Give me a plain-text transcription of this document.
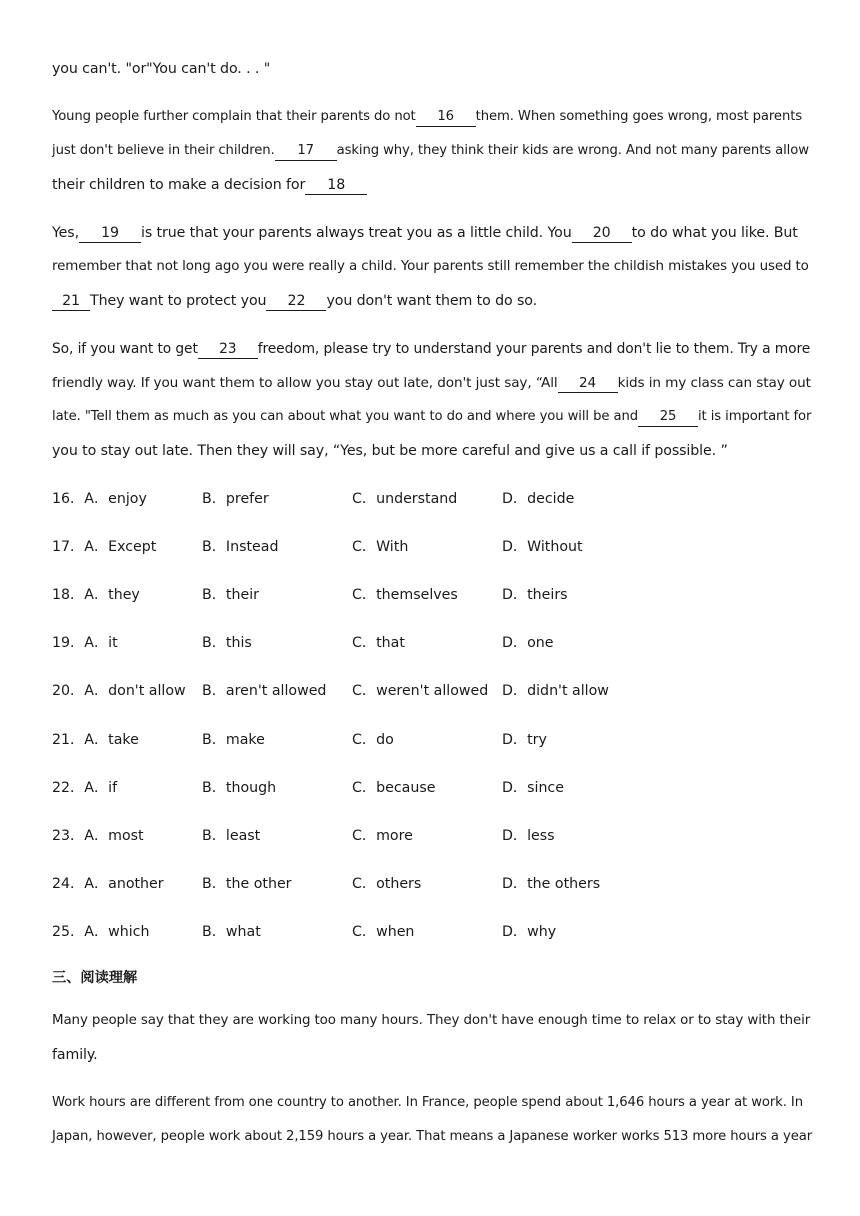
you can't. "or"You can't do. . . "
Young people further complain that their parents do not 16 them. When something goes wrong, most parents
just don't believe in their children. 17 asking why, they think their kids are wrong. And not many parents allow
their children to make a decision for 18
Yes, 19 is true that your parents always treat you as a little child. You 20 to do what you like. But
remember that not long ago you were really a child. Your parents still remember the childish mistakes you used to
21 They want to protect you 22 you don't want them to do so.
So, if you want to get 23 freedom, please try to understand your parents and don't lie to them. Try a more
friendly way. If you want them to allow you stay out late, don't just say, “All 24 kids in my class can stay out
late. "Tell them as much as you can about what you want to do and where you will be and 25 it is important for
you to stay out late. Then they will say, “Yes, but be more careful and give us a call if possible. ”
16．A．enjoy	B．prefer	C．understand	D．decide
17．A．Except	B．Instead	C．With	D．Without
18．A．they	B．their	C．themselves	D．theirs
19．A．it	B．this	C．that	D．one
20．A．don't allow B．aren't allowed C．weren't allowed D．didn't allow
21．A．take	B．make	C．do	D．try
22．A．if	B．though	C．because	D．since
23．A．most	B．least	C．more	D．less
24．A．another	B．the other	C．others	D．the others
25．A．which	B．what	C．when	D．why
三、阅读理解
Many people say that they are working too many hours. They don't have enough time to relax or to stay with their
family.
Work hours are different from one country to another. In France, people spend about 1,646 hours a year at work. In
Japan, however, people work about 2,159 hours a year. That means a Japanese worker works 513 more hours a year
